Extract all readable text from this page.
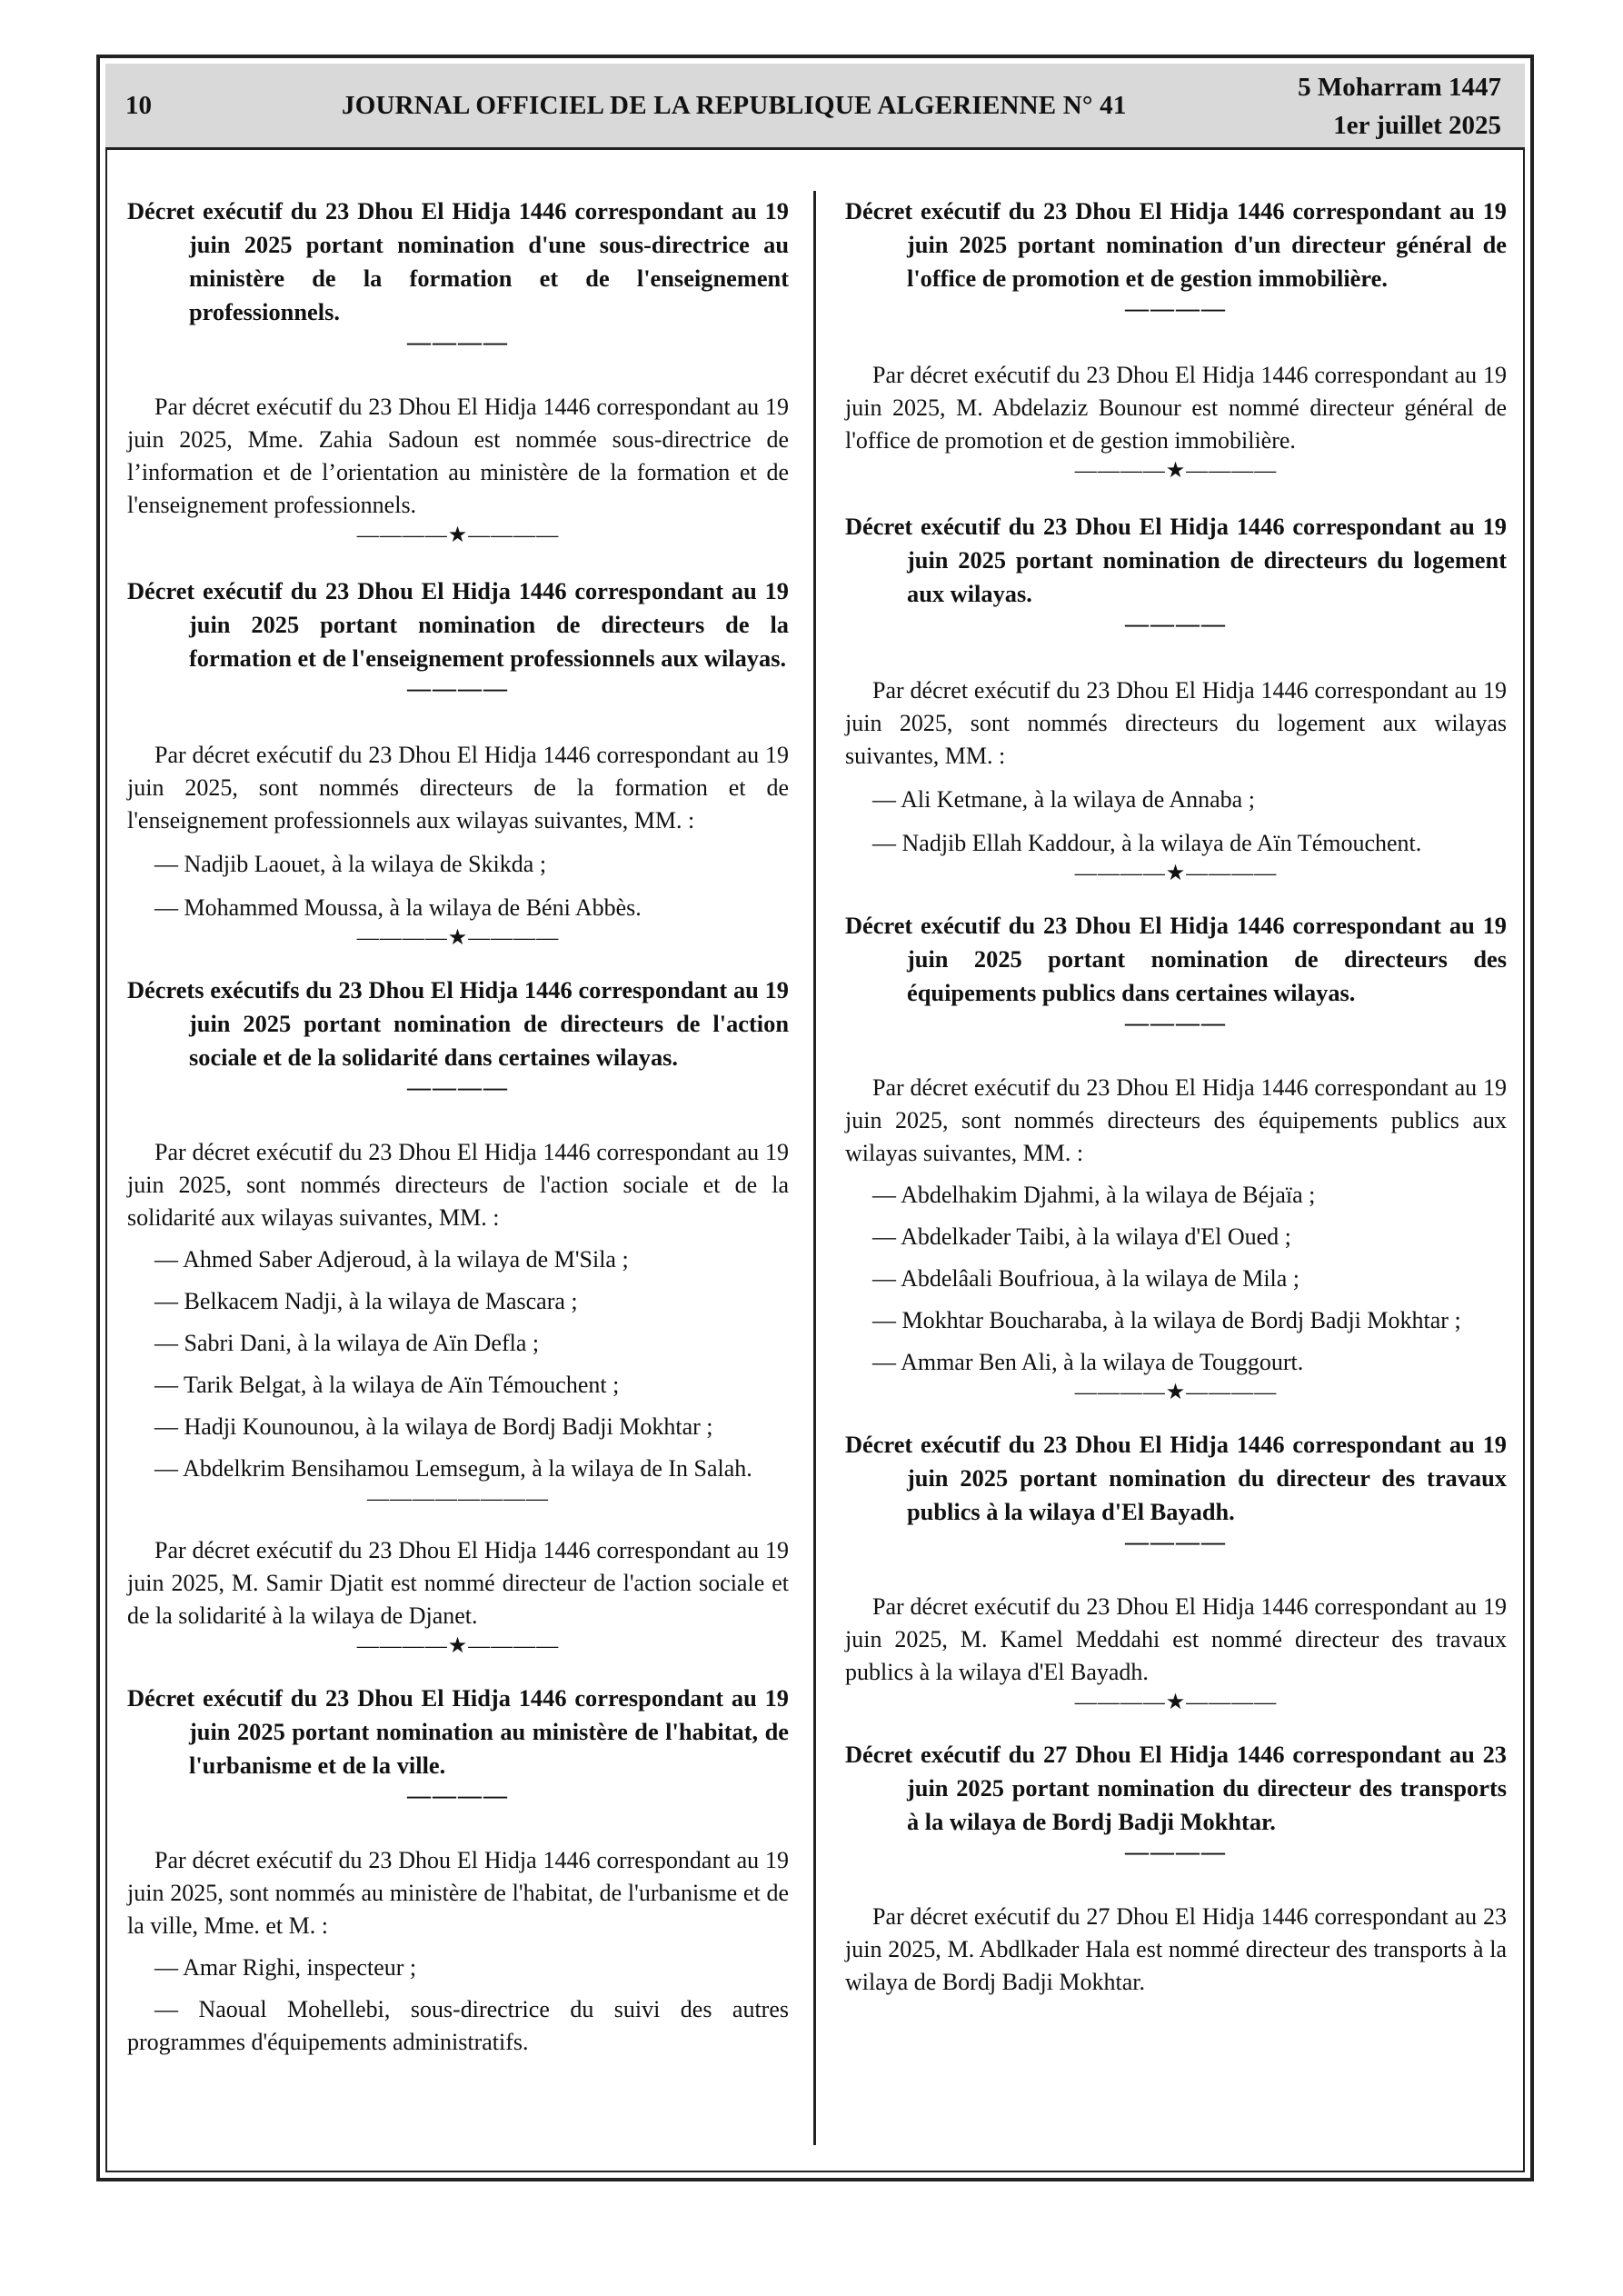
10	JOURNAL OFFICIEL DE LA REPUBLIQUE ALGERIENNE N° 41
5 Moharram 1447
1er juillet 2025

Décret exécutif du 23 Dhou El Hidja 1446 correspondant au 19 juin 2025 portant nomination d'une sous-directrice au ministère de la formation et de l'enseignement professionnels.

————

Par décret exécutif du 23 Dhou El Hidja 1446 correspondant au 19 juin 2025, Mme. Zahia Sadoun est nommée sous-directrice de l’information et de l’orientation au ministère de la formation et de l'enseignement professionnels.

————★————

Décret exécutif du 23 Dhou El Hidja 1446 correspondant au 19 juin 2025 portant nomination de directeurs de la formation et de l'enseignement professionnels aux wilayas.

————

Par décret exécutif du 23 Dhou El Hidja 1446 correspondant au 19 juin 2025, sont nommés directeurs de la formation et de l'enseignement professionnels aux wilayas suivantes, MM. :

— Nadjib Laouet, à la wilaya de Skikda ;

— Mohammed Moussa, à la wilaya de Béni Abbès.

————★————

Décrets exécutifs du 23 Dhou El Hidja 1446 correspondant au 19 juin 2025 portant nomination de directeurs de l'action sociale et de la solidarité dans certaines wilayas.

————

Par décret exécutif du 23 Dhou El Hidja 1446 correspondant au 19 juin 2025, sont nommés directeurs de l'action sociale et de la solidarité aux wilayas suivantes, MM. :

— Ahmed Saber Adjeroud, à la wilaya de M'Sila ;

— Belkacem Nadji, à la wilaya de Mascara ;

— Sabri Dani, à la wilaya de Aïn Defla ;

— Tarik Belgat, à la wilaya de Aïn Témouchent ;

— Hadji Kounounou, à la wilaya de Bordj Badji Mokhtar ;

— Abdelkrim Bensihamou Lemsegum, à la wilaya de In Salah.

————————

Par décret exécutif du 23 Dhou El Hidja 1446 correspondant au 19 juin 2025, M. Samir Djatit est nommé directeur de l'action sociale et de la solidarité à la wilaya de Djanet.

————★————

Décret exécutif du 23 Dhou El Hidja 1446 correspondant au 19 juin 2025 portant nomination au ministère de l'habitat, de l'urbanisme et de la ville.

————

Par décret exécutif du 23 Dhou El Hidja 1446 correspondant au 19 juin 2025, sont nommés au ministère de l'habitat, de l'urbanisme et de la ville, Mme. et M. :

— Amar Righi, inspecteur ;

— Naoual Mohellebi, sous-directrice du suivi des autres programmes d'équipements administratifs.

Décret exécutif du 23 Dhou El Hidja 1446 correspondant au 19 juin 2025 portant nomination d'un directeur général de l'office de promotion et de gestion immobilière.

————

Par décret exécutif du 23 Dhou El Hidja 1446 correspondant au 19 juin 2025, M. Abdelaziz Bounour est nommé directeur général de l'office de promotion et de gestion immobilière.

————★————

Décret exécutif du 23 Dhou El Hidja 1446 correspondant au 19 juin 2025 portant nomination de directeurs du logement aux wilayas.

————

Par décret exécutif du 23 Dhou El Hidja 1446 correspondant au 19 juin 2025, sont nommés directeurs du logement aux wilayas suivantes, MM. :

— Ali Ketmane, à la wilaya de Annaba ;

— Nadjib Ellah Kaddour, à la wilaya de Aïn Témouchent.

————★————

Décret exécutif du 23 Dhou El Hidja 1446 correspondant au 19 juin 2025 portant nomination de directeurs des équipements publics dans certaines wilayas.

————

Par décret exécutif du 23 Dhou El Hidja 1446 correspondant au 19 juin 2025, sont nommés directeurs des équipements publics aux wilayas suivantes, MM. :

— Abdelhakim Djahmi, à la wilaya de Béjaïa ;

— Abdelkader Taibi, à la wilaya d'El Oued ;

— Abdelâali Boufrioua, à la wilaya de Mila ;

— Mokhtar Boucharaba, à la wilaya de Bordj Badji Mokhtar ;

— Ammar Ben Ali, à la wilaya de Touggourt.

————★————

Décret exécutif du 23 Dhou El Hidja 1446 correspondant au 19 juin 2025 portant nomination du directeur des travaux publics à la wilaya d'El Bayadh.

————

Par décret exécutif du 23 Dhou El Hidja 1446 correspondant au 19 juin 2025, M. Kamel Meddahi est nommé directeur des travaux publics à la wilaya d'El Bayadh.

————★————

Décret exécutif du 27 Dhou El Hidja 1446 correspondant au 23 juin 2025 portant nomination du directeur des transports à la wilaya de Bordj Badji Mokhtar.

————

Par décret exécutif du 27 Dhou El Hidja 1446 correspondant au 23 juin 2025, M. Abdlkader Hala est nommé directeur des transports à la wilaya de Bordj Badji Mokhtar.
